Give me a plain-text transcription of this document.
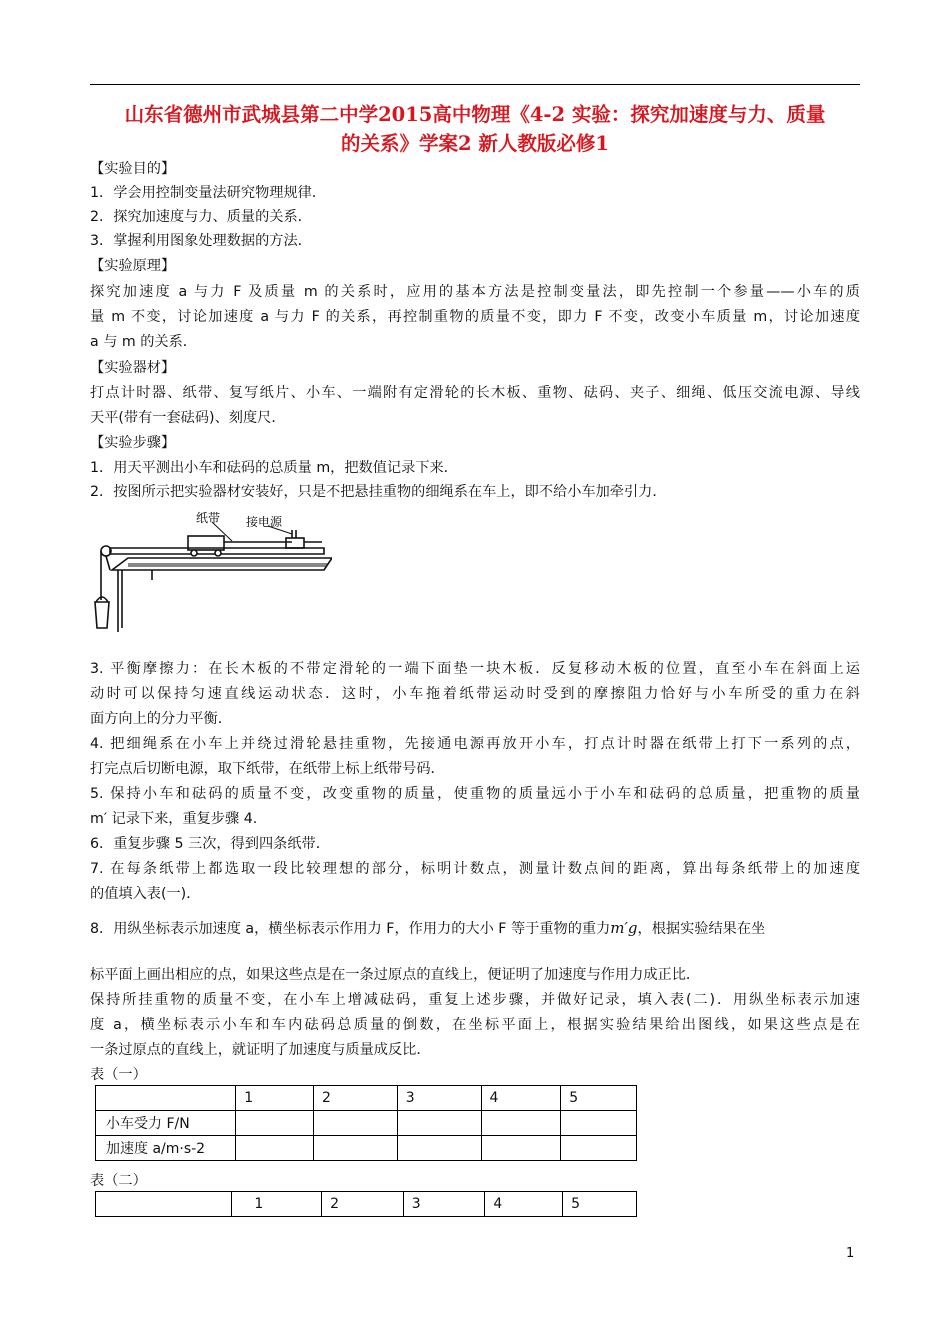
山东省德州市武城县第二中学2015高中物理《4-2 实验：探究加速度与力、质量
的关系》学案2 新人教版必修1
【实验目的】
1．学会用控制变量法研究物理规律．
2．探究加速度与力、质量的关系．
3．掌握利用图象处理数据的方法．
【实验原理】
探究加速度 a 与力 F 及质量 m 的关系时，应用的基本方法是控制变量法，即先控制一个参量——小车的质
量 m 不变，讨论加速度 a 与力 F 的关系，再控制重物的质量不变，即力 F 不变，改变小车质量 m，讨论加速度
a 与 m 的关系．
【实验器材】
打点计时器、纸带、复写纸片、小车、一端附有定滑轮的长木板、重物、砝码、夹子、细绳、低压交流电源、导线
天平(带有一套砝码)、刻度尺．
【实验步骤】
1．用天平测出小车和砝码的总质量 m，把数值记录下来．
2．按图所示把实验器材安装好，只是不把悬挂重物的细绳系在车上，即不给小车加牵引力．
纸带 接电源
3. 平衡摩擦力：在长木板的不带定滑轮的一端下面垫一块木板．反复移动木板的位置，直至小车在斜面上运
动时可以保持匀速直线运动状态．这时，小车拖着纸带运动时受到的摩擦阻力恰好与小车所受的重力在斜
面方向上的分力平衡．
4. 把细绳系在小车上并绕过滑轮悬挂重物，先接通电源再放开小车，打点计时器在纸带上打下一系列的点，
打完点后切断电源，取下纸带，在纸带上标上纸带号码．
5. 保持小车和砝码的质量不变，改变重物的质量，使重物的质量远小于小车和砝码的总质量，把重物的质量
m′ 记录下来，重复步骤 4.
6．重复步骤 5 三次，得到四条纸带．
7. 在每条纸带上都选取一段比较理想的部分，标明计数点，测量计数点间的距离，算出每条纸带上的加速度
的值填入表(一)．
8．用纵坐标表示加速度 a，横坐标表示作用力 F，作用力的大小 F 等于重物的重力m′g，根据实验结果在坐
标平面上画出相应的点，如果这些点是在一条过原点的直线上，便证明了加速度与作用力成正比．
保持所挂重物的质量不变，在小车上增减砝码，重复上述步骤，并做好记录，填入表(二)．用纵坐标表示加速
度 a，横坐标表示小车和车内砝码总质量的倒数，在坐标平面上，根据实验结果给出图线，如果这些点是在
一条过原点的直线上，就证明了加速度与质量成反比．
表（一）
	1	2	3	4	5
小车受力 F/N					
加速度 a/m·s-2					
表（二）
	1	2	3	4	5
1
